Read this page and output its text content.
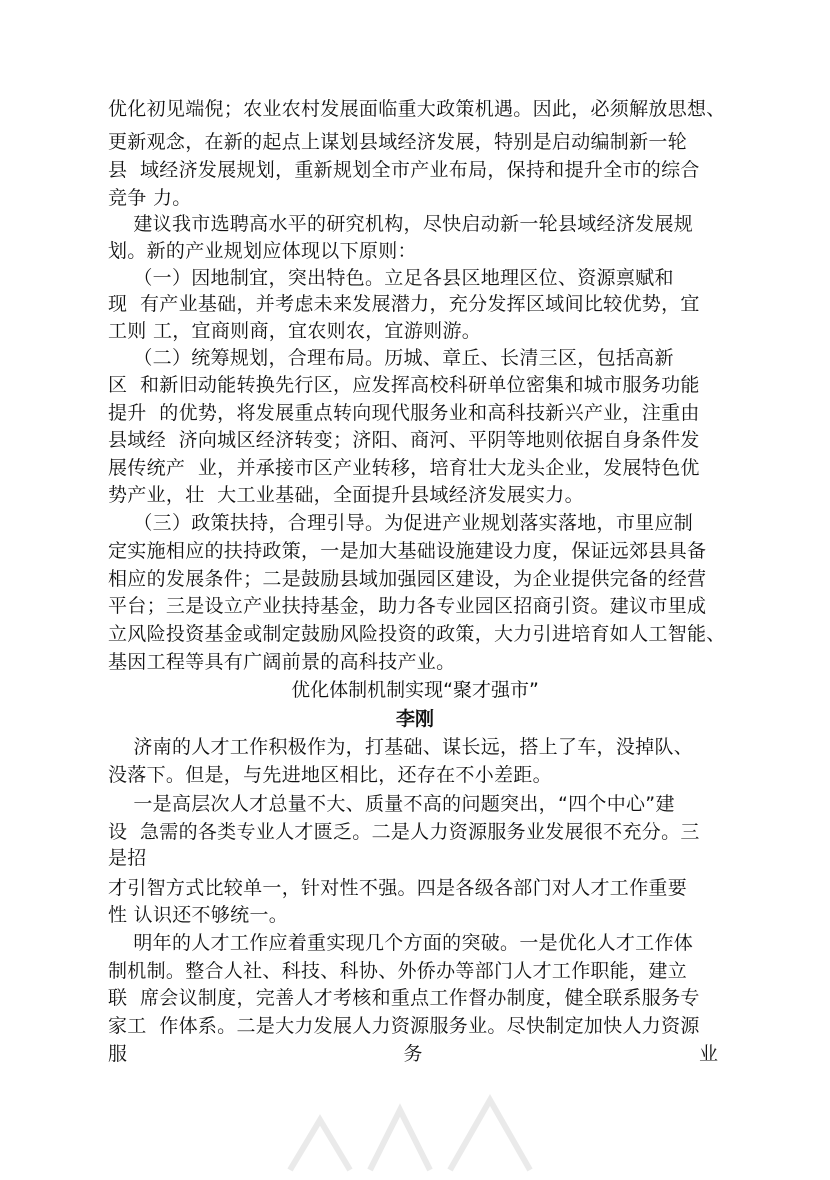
优化初见端倪；农业农村发展面临重大政策机遇。因此，必须解放思想、
更新观念，在新的起点上谋划县域经济发展，特别是启动编制新一轮
县  域经济发展规划，重新规划全市产业布局，保持和提升全市的综合
竞争 力。
建议我市选聘高水平的研究机构，尽快启动新一轮县域经济发展规
划。新的产业规划应体现以下原则：
（一）因地制宜，突出特色。立足各县区地理区位、资源禀赋和
现  有产业基础，并考虑未来发展潜力，充分发挥区域间比较优势，宜
工则 工，宜商则商，宜农则农，宜游则游。
（二）统筹规划，合理布局。历城、章丘、长清三区，包括高新
区  和新旧动能转换先行区，应发挥高校科研单位密集和城市服务功能
提升  的优势，将发展重点转向现代服务业和高科技新兴产业，注重由
县域经  济向城区经济转变；济阳、商河、平阴等地则依据自身条件发
展传统产  业，并承接市区产业转移，培育壮大龙头企业，发展特色优
势产业，壮  大工业基础，全面提升县域经济发展实力。
（三）政策扶持，合理引导。为促进产业规划落实落地，市里应制
定实施相应的扶持政策，一是加大基础设施建设力度，保证远郊县具备
相应的发展条件；二是鼓励县域加强园区建设，为企业提供完备的经营
平台；三是设立产业扶持基金，助力各专业园区招商引资。建议市里成
立风险投资基金或制定鼓励风险投资的政策，大力引进培育如人工智能、
基因工程等具有广阔前景的高科技产业。
优化体制机制实现“聚才强市”
李刚
济南的人才工作积极作为，打基础、谋长远，搭上了车，没掉队、
没落下。但是，与先进地区相比，还存在不小差距。
一是高层次人才总量不大、质量不高的问题突出，“四个中心”建
设  急需的各类专业人才匮乏。二是人力资源服务业发展很不充分。三
是招
才引智方式比较单一，针对性不强。四是各级各部门对人才工作重要
性 认识还不够统一。
明年的人才工作应着重实现几个方面的突破。一是优化人才工作体
制机制。整合人社、科技、科协、外侨办等部门人才工作职能，建立
联  席会议制度，完善人才考核和重点工作督办制度，健全联系服务专
家工  作体系。二是大力发展人力资源服务业。尽快制定加快人力资源
服	务	业
